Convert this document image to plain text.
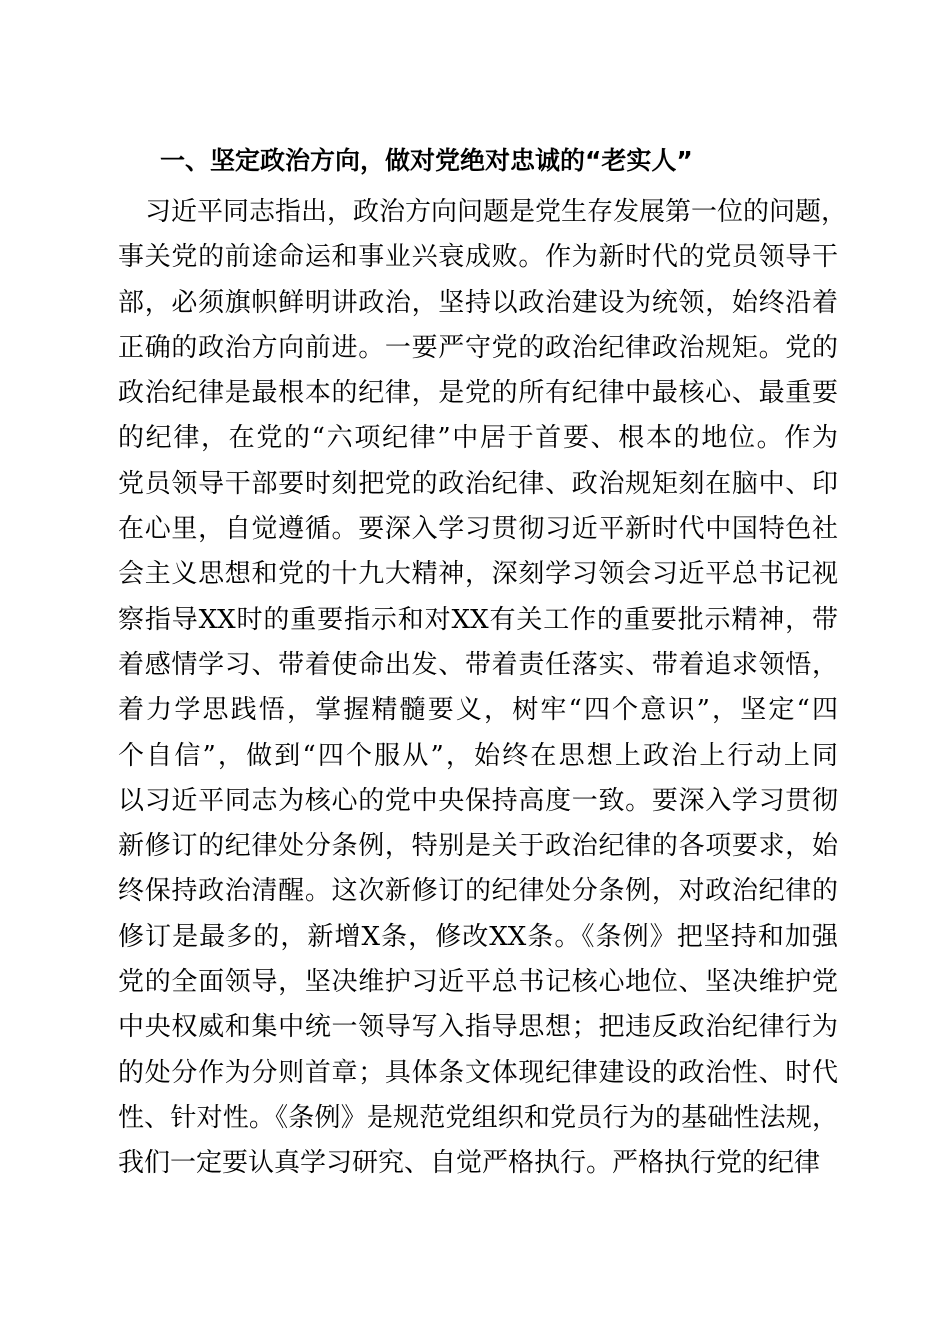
一、坚定政治方向，做对党绝对忠诚的“老实人”
习近平同志指出，政治方向问题是党生存发展第一位的问题，
事关党的前途命运和事业兴衰成败。作为新时代的党员领导干
部，必须旗帜鲜明讲政治，坚持以政治建设为统领，始终沿着
正确的政治方向前进。一要严守党的政治纪律政治规矩。党的
政治纪律是最根本的纪律，是党的所有纪律中最核心、最重要
的纪律，在党的“六项纪律”中居于首要、根本的地位。作为
党员领导干部要时刻把党的政治纪律、政治规矩刻在脑中、印
在心里，自觉遵循。要深入学习贯彻习近平新时代中国特色社
会主义思想和党的十九大精神，深刻学习领会习近平总书记视
察指导XX时的重要指示和对XX有关工作的重要批示精神，带
着感情学习、带着使命出发、带着责任落实、带着追求领悟，
着力学思践悟，掌握精髓要义，树牢“四个意识”，坚定“四
个自信”，做到“四个服从”，始终在思想上政治上行动上同
以习近平同志为核心的党中央保持高度一致。要深入学习贯彻
新修订的纪律处分条例，特别是关于政治纪律的各项要求，始
终保持政治清醒。这次新修订的纪律处分条例，对政治纪律的
修订是最多的，新增X条，修改XX条。《条例》把坚持和加强
党的全面领导，坚决维护习近平总书记核心地位、坚决维护党
中央权威和集中统一领导写入指导思想；把违反政治纪律行为
的处分作为分则首章；具体条文体现纪律建设的政治性、时代
性、针对性。《条例》是规范党组织和党员行为的基础性法规，
我们一定要认真学习研究、自觉严格执行。严格执行党的纪律
